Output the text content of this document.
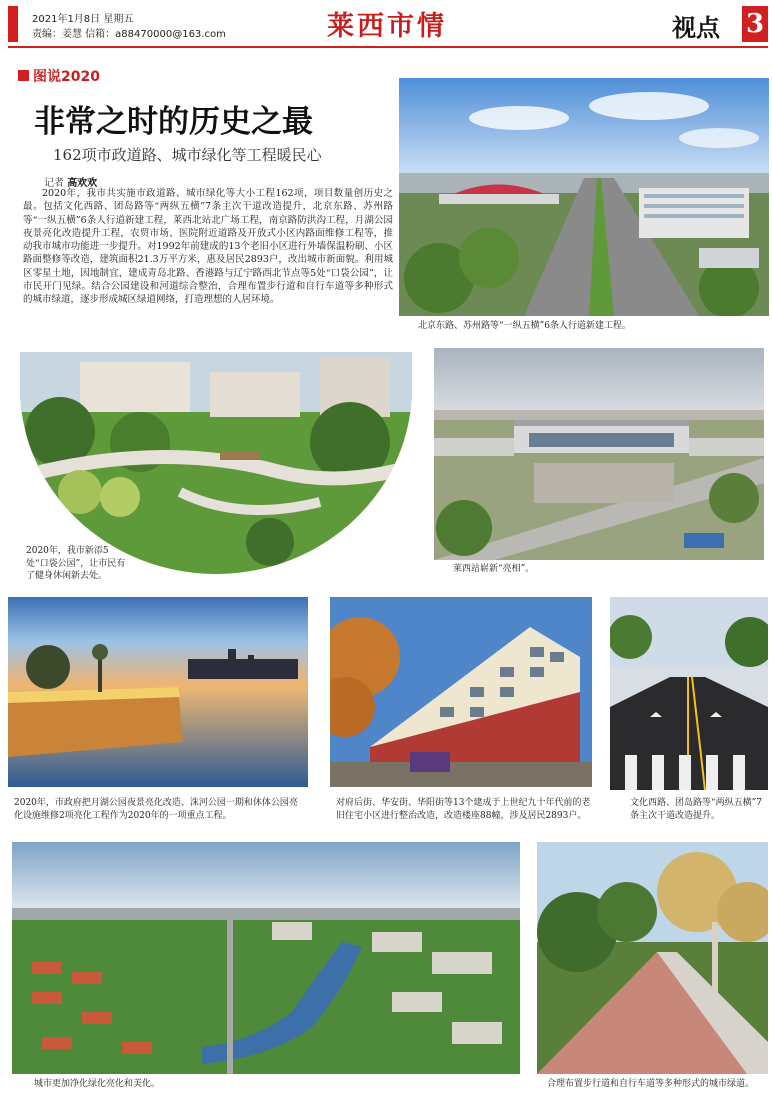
2021年1月8日 星期五
责编：姜慧 信箱：a88470000@163.com	莱西市情	视点 3
图说2020
非常之时的历史之最
162项市政道路、城市绿化等工程暖民心
记者 高欢欢

2020年，我市共实施市政道路、城市绿化等大小工程162项，项目数量创历史之最。包括文化西路、团岛路等“两纵五横”7条主次干道改造提升，北京东路、苏州路等“一纵五横”6条人行道新建工程，莱西北站北广场工程，南京路防洪沟工程，月湖公园夜景亮化改造提升工程，农贸市场、医院附近道路及开放式小区内路面维修工程等，推动我市城市功能进一步提升。对1992年前建成的13个老旧小区进行外墙保温粉刷、小区路面整修等改造，建筑面积21.3万平方米，惠及居民2893户，改出城市新面貌。利用城区零星土地，因地制宜，建成青岛北路、香港路与辽宁路西北节点等5处“口袋公园”，让市民开门见绿。结合公园建设和河道综合整治，合理布置步行道和自行车道等多种形式的城市绿道，逐步形成城区绿道网络，打造理想的人居环境。

北京东路、苏州路等“一纵五横”6条人行道新建工程。

2020年，我市新添5处“口袋公园”，让市民有了健身休闲新去处。

莱西站崭新“亮相”。

2020年，市政府把月湖公园夜景亮化改造、洙河公园一期和休体公园亮化设施维修2项亮化工程作为2020年的一项重点工程。

对府后街、华安街、华阳街等13个建成于上世纪九十年代前的老旧住宅小区进行整治改造，改造楼座88幢，涉及居民2893户。

文化西路、团岛路等“两纵五横”7条主次干道改造提升。

城市更加净化绿化亮化和美化。	合理布置步行道和自行车道等多种形式的城市绿道。
